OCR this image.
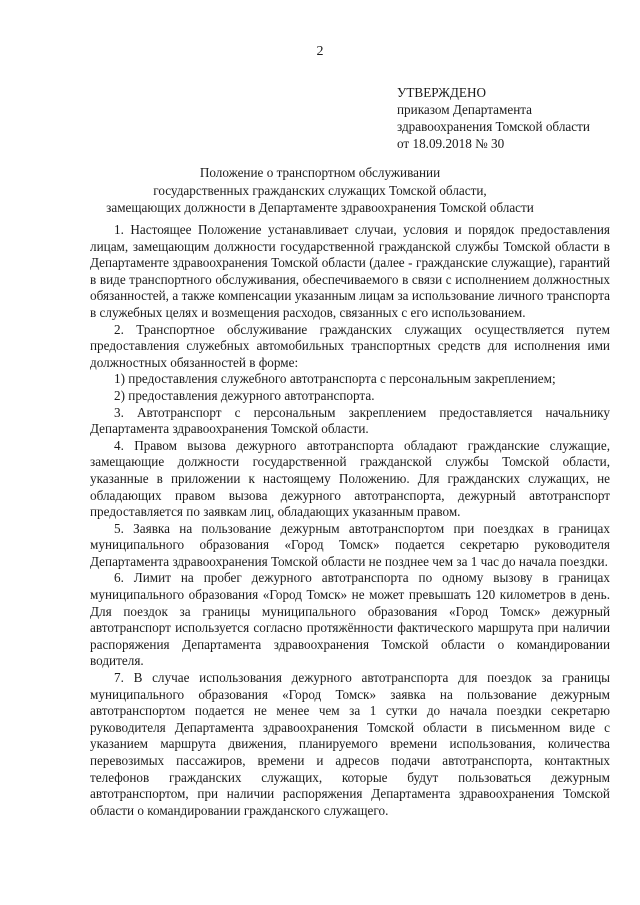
2
УТВЕРЖДЕНО
приказом Департамента
здравоохранения Томской области
от 18.09.2018 № 30
Положение о транспортном обслуживании
государственных гражданских служащих Томской области,
замещающих должности в Департаменте здравоохранения Томской области

1. Настоящее Положение устанавливает случаи, условия и порядок предоставления лицам, замещающим должности государственной гражданской службы Томской области в Департаменте здравоохранения Томской области (далее - гражданские служащие), гарантий в виде транспортного обслуживания, обеспечиваемого в связи с исполнением должностных обязанностей, а также компенсации указанным лицам за использование личного транспорта в служебных целях и возмещения расходов, связанных с его использованием.

2. Транспортное обслуживание гражданских служащих осуществляется путем предоставления служебных автомобильных транспортных средств для исполнения ими должностных обязанностей в форме:

1) предоставления служебного автотранспорта с персональным закреплением;

2) предоставления дежурного автотранспорта.

3. Автотранспорт с персональным закреплением предоставляется начальнику Департамента здравоохранения Томской области.

4. Правом вызова дежурного автотранспорта обладают гражданские служащие, замещающие должности государственной гражданской службы Томской области, указанные в приложении к настоящему Положению. Для гражданских служащих, не обладающих правом вызова дежурного автотранспорта, дежурный автотранспорт предоставляется по заявкам лиц, обладающих указанным правом.

5. Заявка на пользование дежурным автотранспортом при поездках в границах муниципального образования «Город Томск» подается секретарю руководителя Департамента здравоохранения Томской области не позднее чем за 1 час до начала поездки.

6. Лимит на пробег дежурного автотранспорта по одному вызову в границах муниципального образования «Город Томск» не может превышать 120 километров в день. Для поездок за границы муниципального образования «Город Томск» дежурный автотранспорт используется согласно протяжённости фактического маршрута при наличии распоряжения Департамента здравоохранения Томской области о командировании водителя.

7. В случае использования дежурного автотранспорта для поездок за границы муниципального образования «Город Томск» заявка на пользование дежурным автотранспортом подается не менее чем за 1 сутки до начала поездки секретарю руководителя Департамента здравоохранения Томской области в письменном виде с указанием маршрута движения, планируемого времени использования, количества перевозимых пассажиров, времени и адресов подачи автотранспорта, контактных телефонов гражданских служащих, которые будут пользоваться дежурным автотранспортом, при наличии распоряжения Департамента здравоохранения Томской области о командировании гражданского служащего.
